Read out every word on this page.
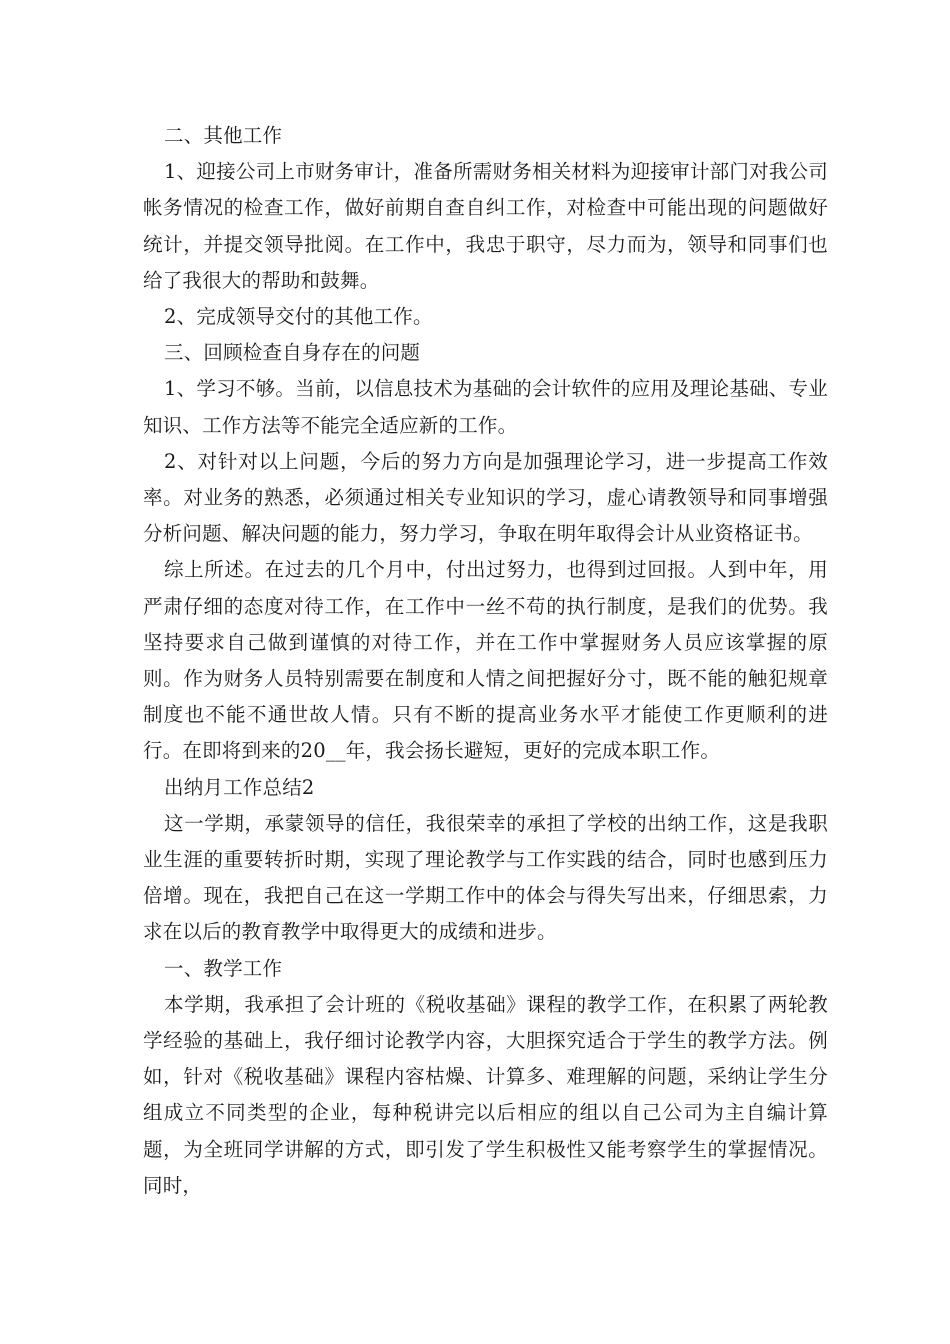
二、其他工作

1、迎接公司上市财务审计，准备所需财务相关材料为迎接审计部门对我公司帐务情况的检查工作，做好前期自查自纠工作，对检查中可能出现的问题做好统计，并提交领导批阅。在工作中，我忠于职守，尽力而为，领导和同事们也给了我很大的帮助和鼓舞。

2、完成领导交付的其他工作。

三、回顾检查自身存在的问题

1、学习不够。当前，以信息技术为基础的会计软件的应用及理论基础、专业知识、工作方法等不能完全适应新的工作。

2、对针对以上问题，今后的努力方向是加强理论学习，进一步提高工作效率。对业务的熟悉，必须通过相关专业知识的学习，虚心请教领导和同事增强分析问题、解决问题的能力，努力学习，争取在明年取得会计从业资格证书。

综上所述。在过去的几个月中，付出过努力，也得到过回报。人到中年，用严肃仔细的态度对待工作，在工作中一丝不苟的执行制度，是我们的优势。我坚持要求自己做到谨慎的对待工作，并在工作中掌握财务人员应该掌握的原则。作为财务人员特别需要在制度和人情之间把握好分寸，既不能的触犯规章制度也不能不通世故人情。只有不断的提高业务水平才能使工作更顺利的进行。在即将到来的20__年，我会扬长避短，更好的完成本职工作。

出纳月工作总结2

这一学期，承蒙领导的信任，我很荣幸的承担了学校的出纳工作，这是我职业生涯的重要转折时期，实现了理论教学与工作实践的结合，同时也感到压力倍增。现在，我把自己在这一学期工作中的体会与得失写出来，仔细思索，力求在以后的教育教学中取得更大的成绩和进步。

一、教学工作

本学期，我承担了会计班的《税收基础》课程的教学工作，在积累了两轮教学经验的基础上，我仔细讨论教学内容，大胆探究适合于学生的教学方法。例如，针对《税收基础》课程内容枯燥、计算多、难理解的问题，采纳让学生分组成立不同类型的企业，每种税讲完以后相应的组以自己公司为主自编计算题，为全班同学讲解的方式，即引发了学生积极性又能考察学生的掌握情况。同时，
